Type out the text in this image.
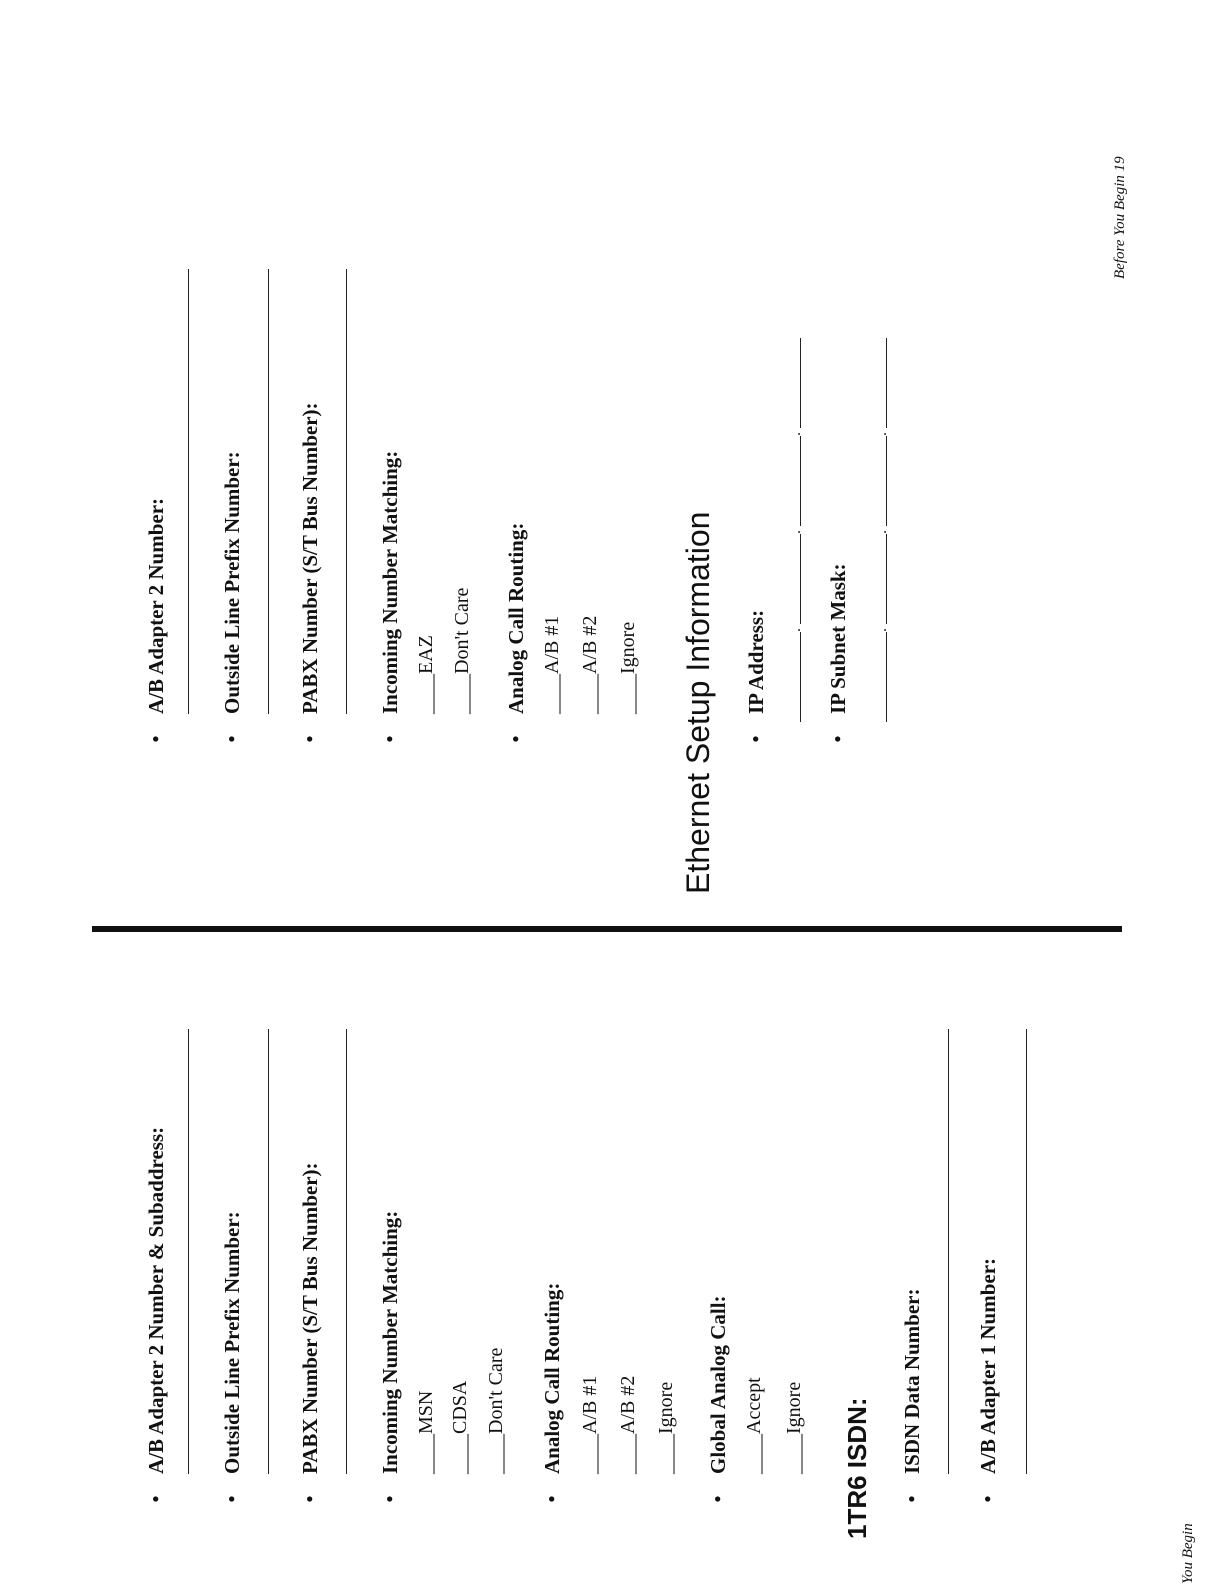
•
A/B Adapter 2 Number & Subaddress:
•
Outside Line Prefix Number:
•
PABX Number (S/T Bus Number):
•
Incoming Number Matching: ____MSN
____CDSA
____Don't Care
•
Analog Call Routing: ____A/B #1
____A/B #2
____Ignore
•
Global Analog Call: ____Accept
____Ignore 1TR6 ISDN: •
ISDN Data Number:
•
A/B Adapter 1 Number:
•
A/B Adapter 2 Number:
•
Outside Line Prefix Number:
•
PABX Number (S/T Bus Number):
•
Incoming Number Matching: ____EAZ
____Don't Care
•
Analog Call Routing: ____A/B #1
____A/B #2
____Ignore Ethernet Setup Information •
IP Address: .
.
.
•
IP Subnet Mask: .
.
.
You Begin
Before You Begin 19
